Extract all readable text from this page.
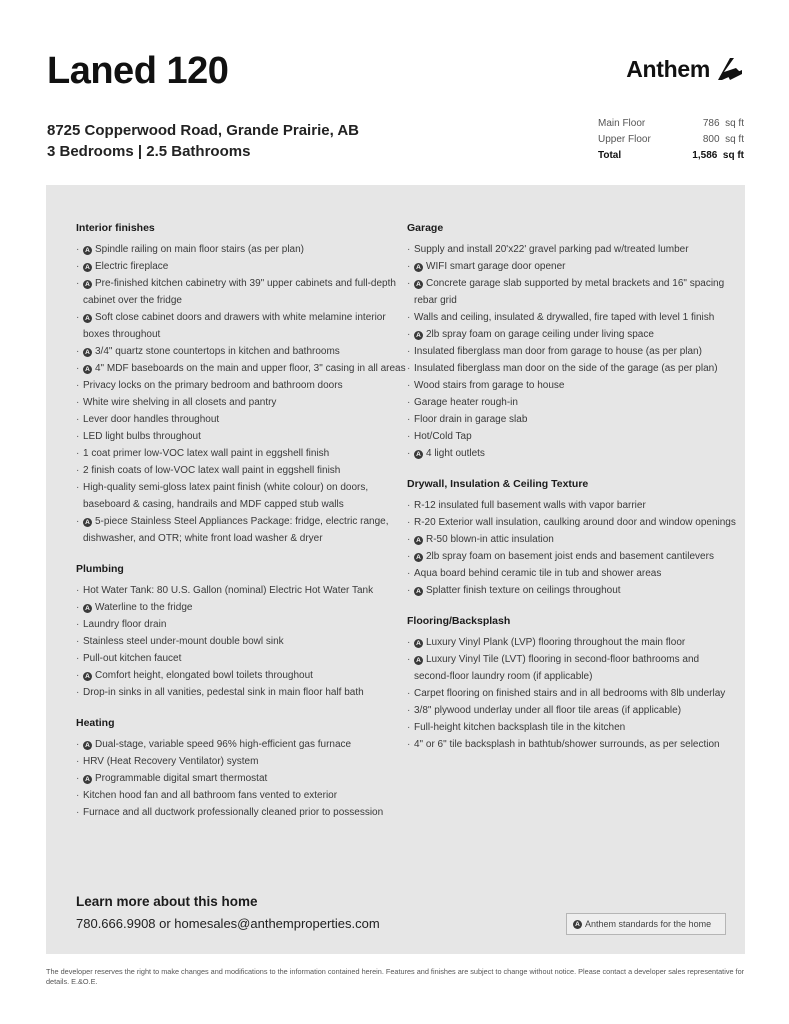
Laned 120	Anthem
8725 Copperwood Road, Grande Prairie, AB
3 Bedrooms | 2.5 Bathrooms
Main Floor	786 sq ft
Upper Floor	800 sq ft
Total	1,586 sq ft
Interior finishes
· A Spindle railing on main floor stairs (as per plan)
· A Electric fireplace
· A Pre-finished kitchen cabinetry with 39" upper cabinets and full-depth cabinet over the fridge
· A Soft close cabinet doors and drawers with white melamine interior boxes throughout
· A 3/4" quartz stone countertops in kitchen and bathrooms
· A 4" MDF baseboards on the main and upper floor, 3" casing in all areas
· Privacy locks on the primary bedroom and bathroom doors
· White wire shelving in all closets and pantry
· Lever door handles throughout
· LED light bulbs throughout
· 1 coat primer low-VOC latex wall paint in eggshell finish
· 2 finish coats of low-VOC latex wall paint in eggshell finish
· High-quality semi-gloss latex paint finish (white colour) on doors, baseboard & casing, handrails and MDF capped stub walls
· A 5-piece Stainless Steel Appliances Package: fridge, electric range, dishwasher, and OTR; white front load washer & dryer
Plumbing
· Hot Water Tank: 80 U.S. Gallon (nominal) Electric Hot Water Tank
· A Waterline to the fridge
· Laundry floor drain
· Stainless steel under-mount double bowl sink
· Pull-out kitchen faucet
· A Comfort height, elongated bowl toilets throughout
· Drop-in sinks in all vanities, pedestal sink in main floor half bath
Heating
· A Dual-stage, variable speed 96% high-efficient gas furnace
· HRV (Heat Recovery Ventilator) system
· A Programmable digital smart thermostat
· Kitchen hood fan and all bathroom fans vented to exterior
· Furnace and all ductwork professionally cleaned prior to possession
Garage
· Supply and install 20'x22' gravel parking pad w/treated lumber
· A WIFI smart garage door opener
· A Concrete garage slab supported by metal brackets and 16" spacing rebar grid
· Walls and ceiling, insulated & drywalled, fire taped with level 1 finish
· A 2lb spray foam on garage ceiling under living space
· Insulated fiberglass man door from garage to house (as per plan)
· Insulated fiberglass man door on the side of the garage (as per plan)
· Wood stairs from garage to house
· Garage heater rough-in
· Floor drain in garage slab
· Hot/Cold Tap
· A 4 light outlets
Drywall, Insulation & Ceiling Texture
· R-12 insulated full basement walls with vapor barrier
· R-20 Exterior wall insulation, caulking around door and window openings
· A R-50 blown-in attic insulation
· A 2lb spray foam on basement joist ends and basement cantilevers
· Aqua board behind ceramic tile in tub and shower areas
· A Splatter finish texture on ceilings throughout
Flooring/Backsplash
· A Luxury Vinyl Plank (LVP) flooring throughout the main floor
· A Luxury Vinyl Tile (LVT) flooring in second-floor bathrooms and second-floor laundry room (if applicable)
· Carpet flooring on finished stairs and in all bedrooms with 8lb underlay
· 3/8" plywood underlay under all floor tile areas (if applicable)
· Full-height kitchen backsplash tile in the kitchen
· 4" or 6" tile backsplash in bathtub/shower surrounds, as per selection
Learn more about this home
780.666.9908 or homesales@anthemproperties.com	A Anthem standards for the home
The developer reserves the right to make changes and modifications to the information contained herein. Features and finishes are subject to change without notice. Please contact a developer sales representative for details. E.&O.E.
